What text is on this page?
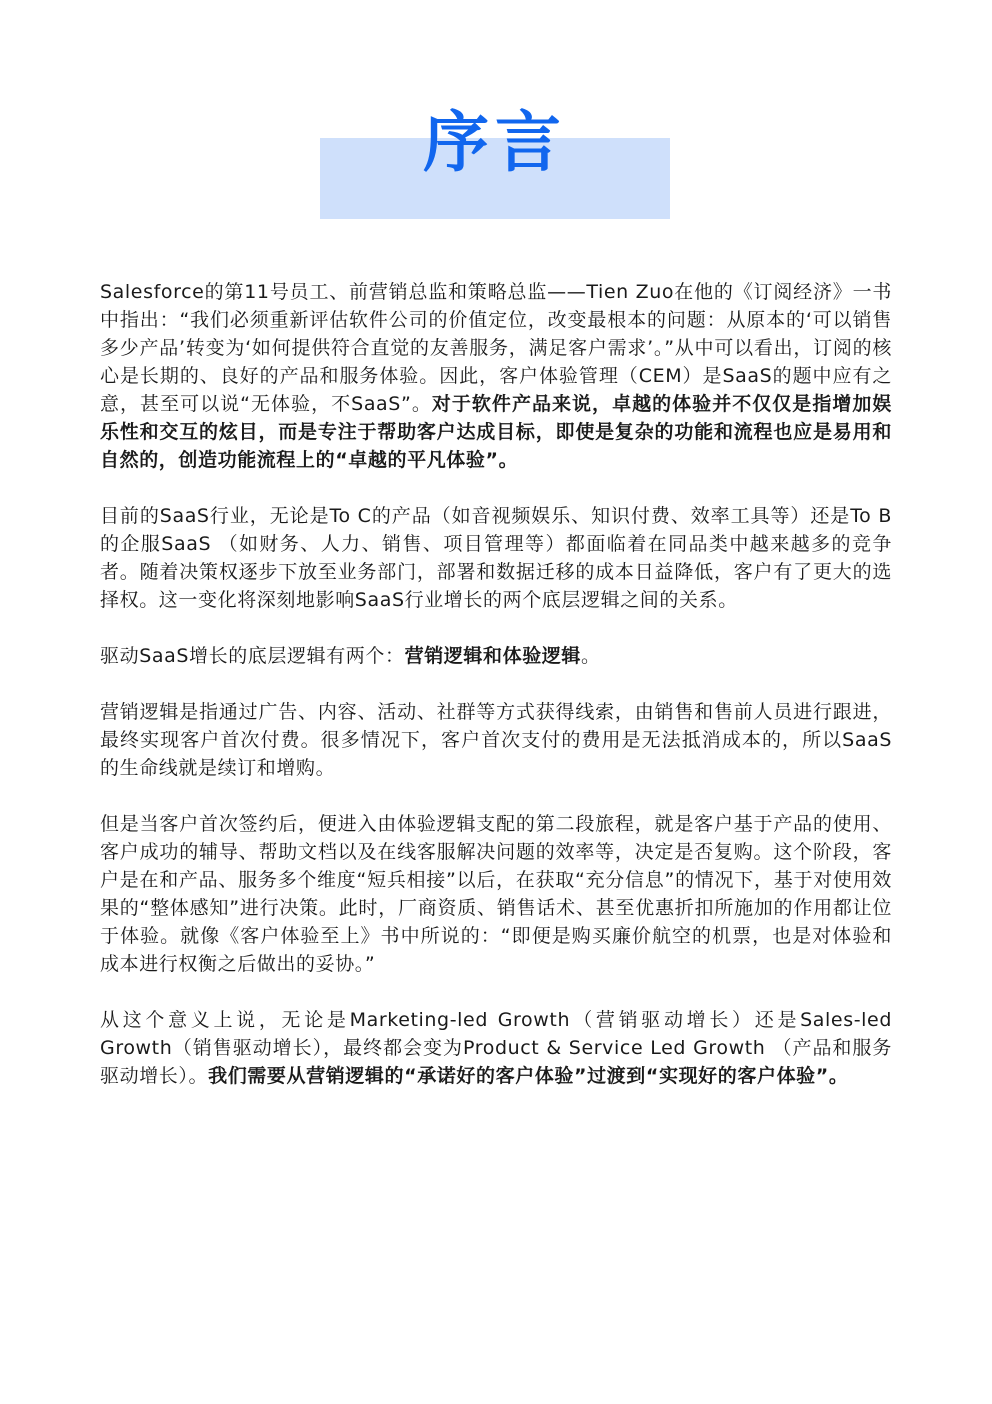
序言

Salesforce的第11号员工、前营销总监和策略总监——Tien Zuo在他的《订阅经济》一书中指出：“我们必须重新评估软件公司的价值定位，改变最根本的问题：从原本的‘可以销售多少产品’转变为‘如何提供符合直觉的友善服务，满足客户需求’。”从中可以看出，订阅的核心是长期的、良好的产品和服务体验。因此，客户体验管理（CEM）是SaaS的题中应有之意，甚至可以说“无体验，不SaaS”。对于软件产品来说，卓越的体验并不仅仅是指增加娱乐性和交互的炫目，而是专注于帮助客户达成目标，即使是复杂的功能和流程也应是易用和自然的，创造功能流程上的“卓越的平凡体验”。

目前的SaaS行业，无论是To C的产品（如音视频娱乐、知识付费、效率工具等）还是To B的企服SaaS （如财务、人力、销售、项目管理等）都面临着在同品类中越来越多的竞争者。随着决策权逐步下放至业务部门，部署和数据迁移的成本日益降低，客户有了更大的选择权。这一变化将深刻地影响SaaS行业增长的两个底层逻辑之间的关系。

驱动SaaS增长的底层逻辑有两个：营销逻辑和体验逻辑。

营销逻辑是指通过广告、内容、活动、社群等方式获得线索，由销售和售前人员进行跟进，最终实现客户首次付费。很多情况下，客户首次支付的费用是无法抵消成本的，所以SaaS的生命线就是续订和增购。

但是当客户首次签约后，便进入由体验逻辑支配的第二段旅程，就是客户基于产品的使用、客户成功的辅导、帮助文档以及在线客服解决问题的效率等，决定是否复购。这个阶段，客户是在和产品、服务多个维度“短兵相接”以后，在获取“充分信息”的情况下，基于对使用效果的“整体感知”进行决策。此时，厂商资质、销售话术、甚至优惠折扣所施加的作用都让位于体验。就像《客户体验至上》书中所说的：“即便是购买廉价航空的机票，也是对体验和成本进行权衡之后做出的妥协。”

从这个意义上说，无论是Marketing-led Growth（营销驱动增长）还是Sales-led Growth（销售驱动增长），最终都会变为Product & Service Led Growth （产品和服务驱动增长）。我们需要从营销逻辑的“承诺好的客户体验”过渡到“实现好的客户体验”。
